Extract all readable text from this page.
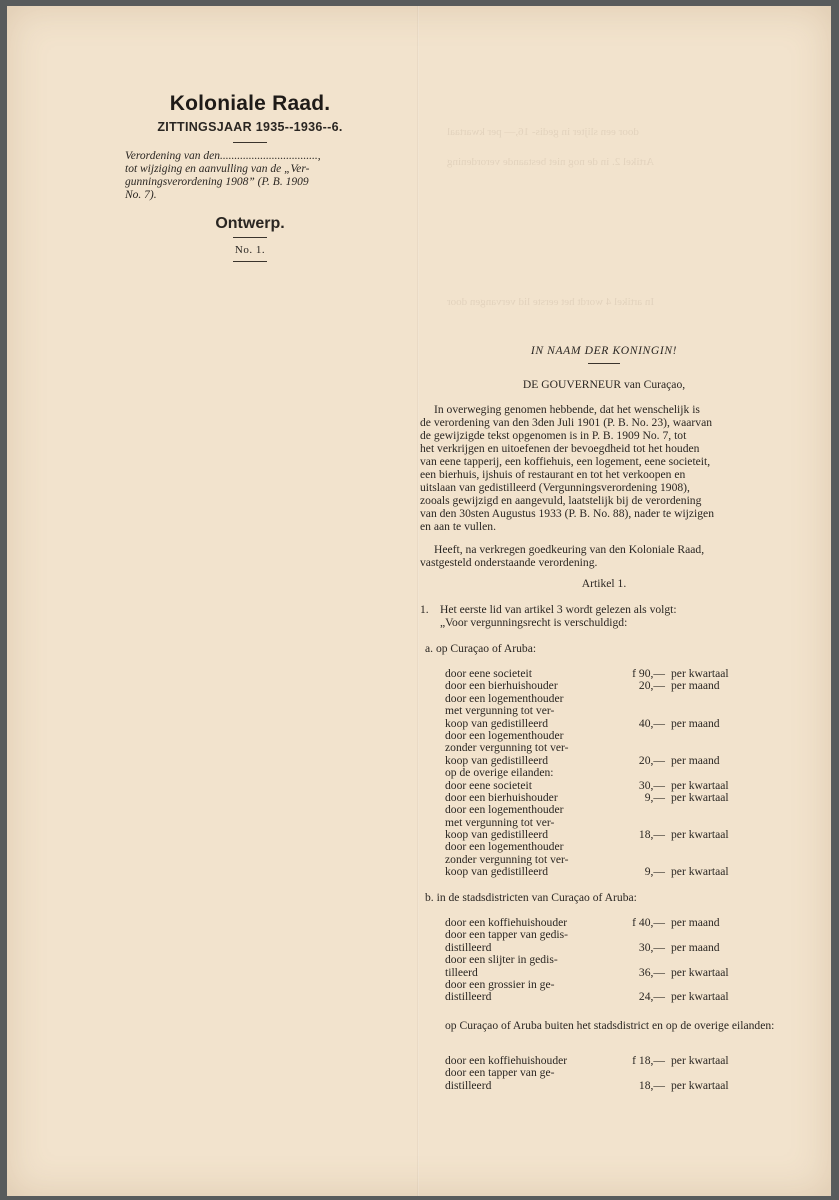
door een slijter in gedis- 16,— per kwartaal
Artikel 2. in de nog niet bestaande verordening
In artikel 4 wordt het eerste lid vervangen door
Koloniale Raad.
ZITTINGSJAAR 1935--1936--6.
Verordening van den..................................,
tot wijziging en aanvulling van de „Ver-
gunningsverordening 1908” (P. B. 1909
No. 7).
Ontwerp.
No. 1.
IN NAAM DER KONINGIN!
DE GOUVERNEUR van Curaçao,
In overweging genomen hebbende, dat het wenschelijk is
de verordening van den 3den Juli 1901 (P. B. No. 23), waarvan
de gewijzigde tekst opgenomen is in P. B. 1909 No. 7, tot
het verkrijgen en uitoefenen der bevoegdheid tot het houden
van eene tapperij, een koffiehuis, een logement, eene societeit,
een bierhuis, ijshuis of restaurant en tot het verkoopen en
uitslaan van gedistilleerd (Vergunningsverordening 1908),
zooals gewijzigd en aangevuld, laatstelijk bij de verordening
van den 30sten Augustus 1933 (P. B. No. 88), nader te wijzigen
en aan te vullen.
Heeft, na verkregen goedkeuring van den Koloniale Raad,
vastgesteld onderstaande verordening.
Artikel 1.
1. Het eerste lid van artikel 3 wordt gelezen als volgt:
„Voor vergunningsrecht is verschuldigd:
a. op Curaçao of Aruba:
door eene societeit	f 90,— per kwartaal
door een bierhuishouder	20,— per maand
door een logementhouder
met vergunning tot ver-
koop van gedistilleerd	40,— per maand
door een logementhouder
zonder vergunning tot ver-
koop van gedistilleerd	20,— per maand
op de overige eilanden:
door eene societeit	30,— per kwartaal
door een bierhuishouder	9,— per kwartaal
door een logementhouder
met vergunning tot ver-
koop van gedistilleerd	18,— per kwartaal
door een logementhouder
zonder vergunning tot ver-
koop van gedistilleerd	9,— per kwartaal
b. in de stadsdistricten van Curaçao of Aruba:
door een koffiehuishouder	f 40,— per maand
door een tapper van gedis-
distilleerd	30,— per maand
door een slijter in gedis-
tilleerd	36,— per kwartaal
door een grossier in ge-
distilleerd	24,— per kwartaal
op Curaçao of Aruba buiten het stadsdistrict en op de overige eilanden:
door een koffiehuishouder	f 18,— per kwartaal
door een tapper van ge-
distilleerd	18,— per kwartaal
